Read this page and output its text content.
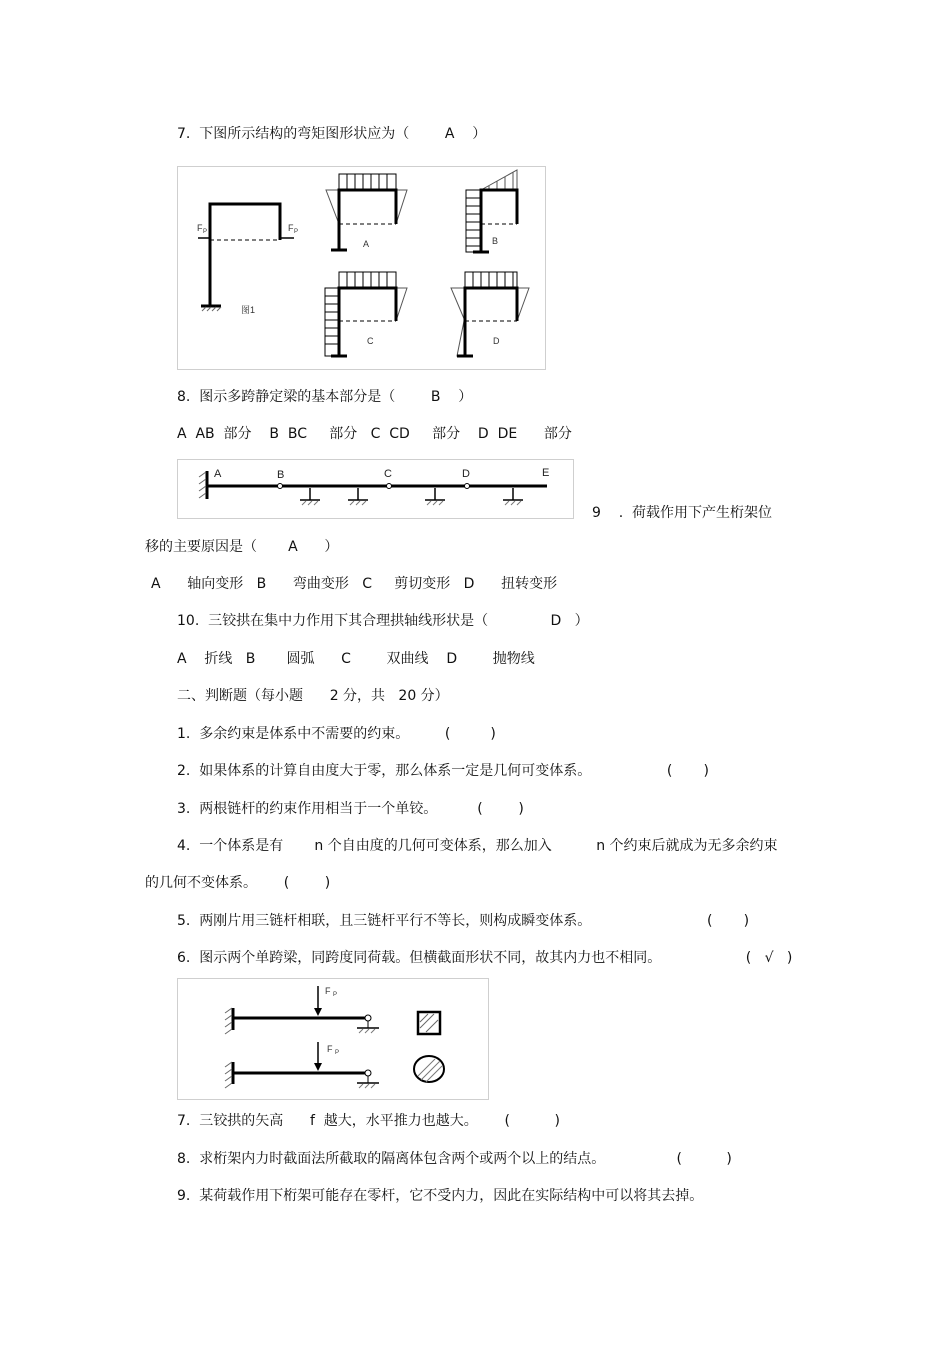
7.  下图所示结构的弯矩图形状应为（        A    ）
F P	F P
图1
A	B
C	D
8.  图示多跨静定梁的基本部分是（        B    ）
A  AB  部分    B  BC     部分   C  CD     部分    D  DE      部分
A	B	C	D	E
9    .  荷载作用下产生桁架位
移的主要原因是（       A      ）
A      轴向变形   B      弯曲变形   C     剪切变形   D      扭转变形
10.  三铰拱在集中力作用下其合理拱轴线形状是（              D   ）
A    折线   B       圆弧      C        双曲线    D        抛物线
二、判断题（每小题      2 分，共   20 分）
1.  多余约束是体系中不需要的约束。        (         )
2.  如果体系的计算自由度大于零，那么体系一定是几何可变体系。                 (       )
3.  两根链杆的约束作用相当于一个单铰。         (        )
4.  一个体系是有       n 个自由度的几何可变体系，那么加入          n 个约束后就成为无多余约束
的几何不变体系。      (        )
5.  两刚片用三链杆相联，且三链杆平行不等长，则构成瞬变体系。                          (       )
6.  图示两个单跨梁，同跨度同荷载。但横截面形状不同，故其内力也不相同。                   (   √   )
F P
F P
7.  三铰拱的矢高      f  越大，水平推力也越大。      (          )
8.  求桁架内力时截面法所截取的隔离体包含两个或两个以上的结点。                (          )
9.  某荷载作用下桁架可能存在零杆，它不受内力，因此在实际结构中可以将其去掉。
